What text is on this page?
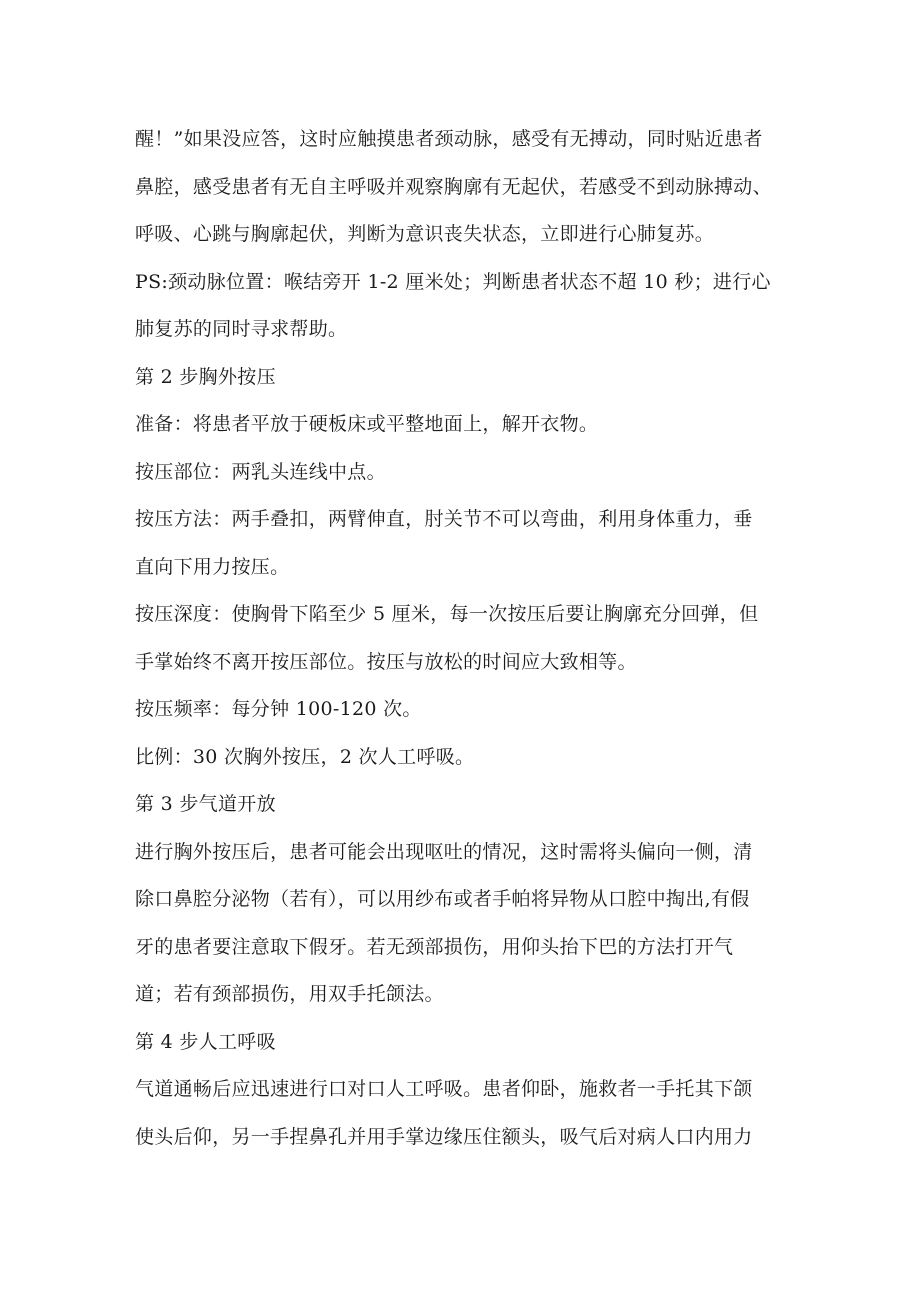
醒！”如果没应答，这时应触摸患者颈动脉，感受有无搏动，同时贴近患者
鼻腔，感受患者有无自主呼吸并观察胸廓有无起伏，若感受不到动脉搏动、
呼吸、心跳与胸廓起伏，判断为意识丧失状态，立即进行心肺复苏。
PS:颈动脉位置：喉结旁开 1-2 厘米处；判断患者状态不超 10 秒；进行心
肺复苏的同时寻求帮助。
第 2 步胸外按压
准备：将患者平放于硬板床或平整地面上，解开衣物。
按压部位：两乳头连线中点。
按压方法：两手叠扣，两臂伸直，肘关节不可以弯曲，利用身体重力，垂
直向下用力按压。
按压深度：使胸骨下陷至少 5 厘米，每一次按压后要让胸廓充分回弹，但
手掌始终不离开按压部位。按压与放松的时间应大致相等。
按压频率：每分钟 100-120 次。
比例：30 次胸外按压，2 次人工呼吸。
第 3 步气道开放
进行胸外按压后，患者可能会出现呕吐的情况，这时需将头偏向一侧，清
除口鼻腔分泌物（若有），可以用纱布或者手帕将异物从口腔中掏出,有假
牙的患者要注意取下假牙。若无颈部损伤，用仰头抬下巴的方法打开气
道；若有颈部损伤，用双手托颌法。
第 4 步人工呼吸
气道通畅后应迅速进行口对口人工呼吸。患者仰卧，施救者一手托其下颌
使头后仰，另一手捏鼻孔并用手掌边缘压住额头，吸气后对病人口内用力
